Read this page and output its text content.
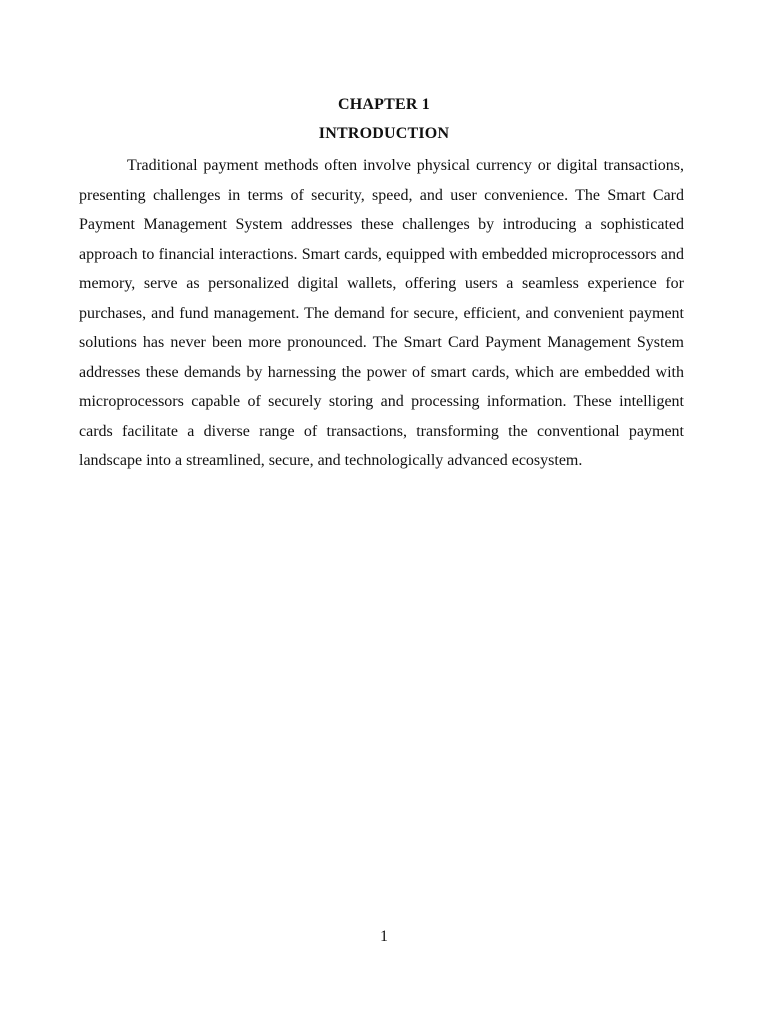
CHAPTER 1
INTRODUCTION

Traditional payment methods often involve physical currency or digital transactions, presenting challenges in terms of security, speed, and user convenience. The Smart Card Payment Management System addresses these challenges by introducing a sophisticated approach to financial interactions. Smart cards, equipped with embedded microprocessors and memory, serve as personalized digital wallets, offering users a seamless experience for purchases, and fund management. The demand for secure, efficient, and convenient payment solutions has never been more pronounced. The Smart Card Payment Management System addresses these demands by harnessing the power of smart cards, which are embedded with microprocessors capable of securely storing and processing information. These intelligent cards facilitate a diverse range of transactions, transforming the conventional payment landscape into a streamlined, secure, and technologically advanced ecosystem.

1
